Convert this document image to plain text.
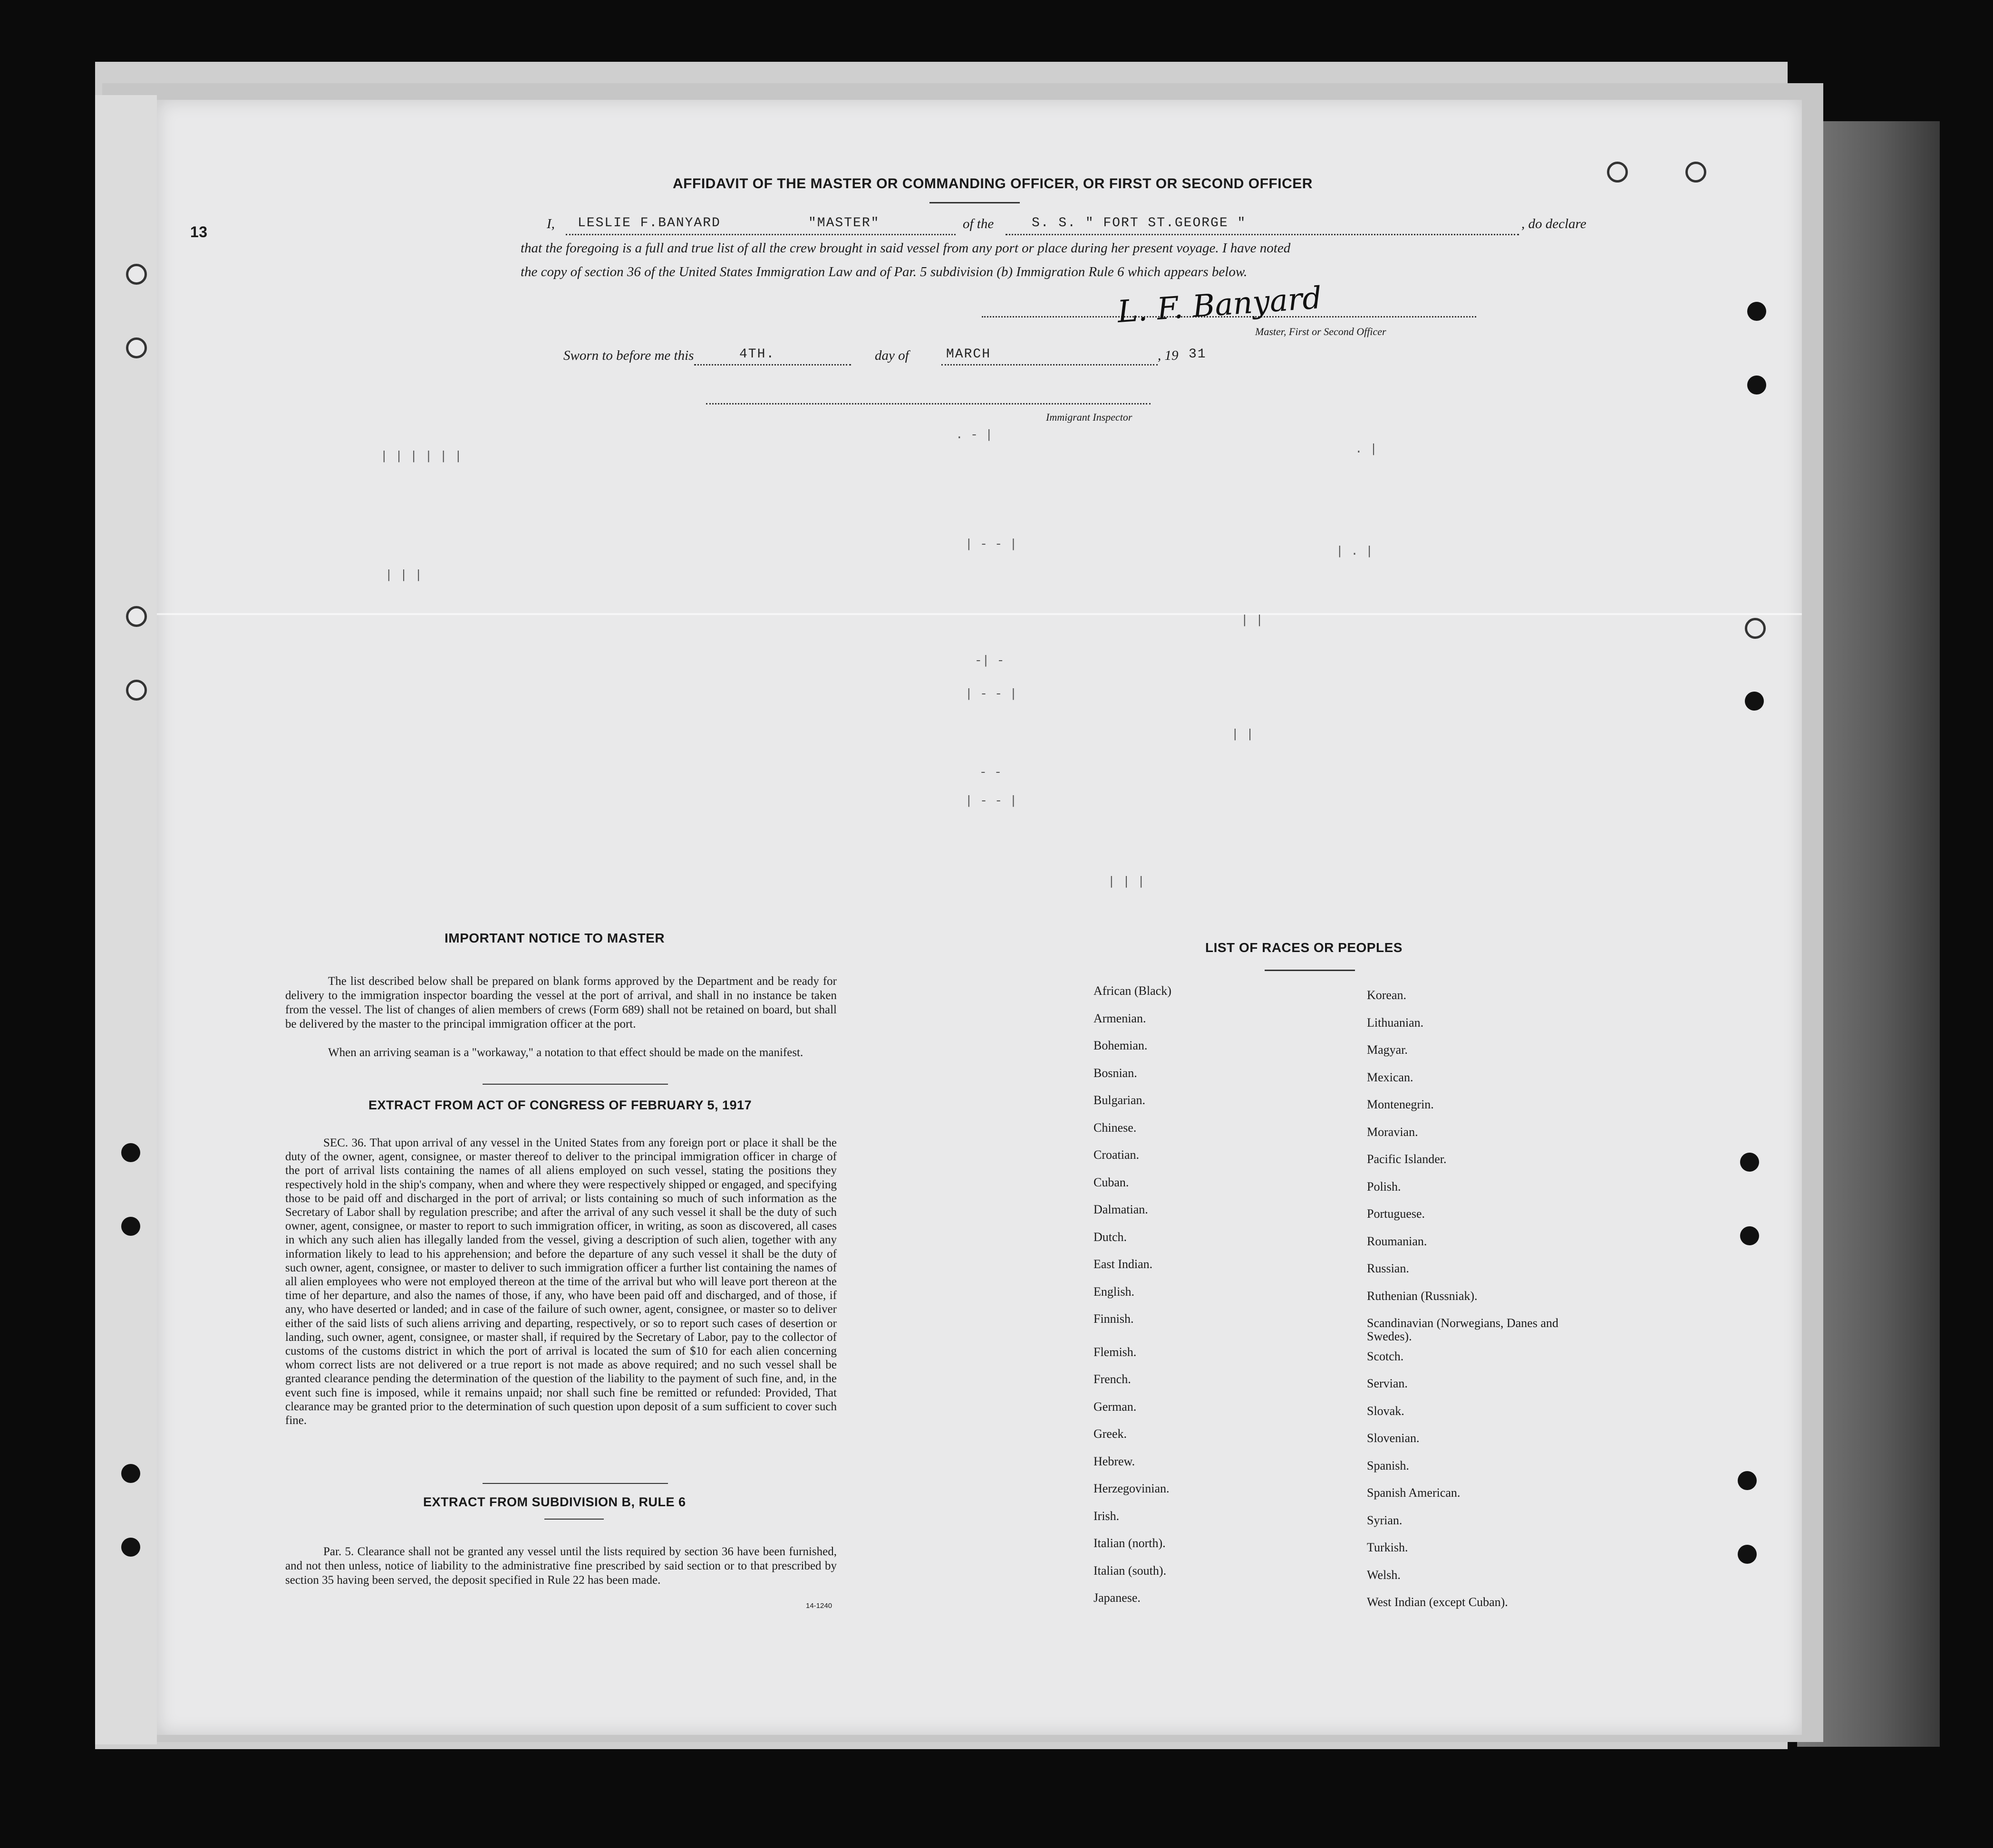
13
AFFIDAVIT OF THE MASTER OR COMMANDING OFFICER, OR FIRST OR SECOND OFFICER
I, LESLIE F.BANYARD	"MASTER"	of the	S. S. " FORT ST.GEORGE "	, do declare
that the foregoing is a full and true list of all the crew brought in said vessel from any port or place during her present voyage. I have noted
the copy of section 36 of the United States Immigration Law and of Par. 5 subdivision (b) Immigration Rule 6 which appears below.
L. F. Banyard
Master, First or Second Officer
Sworn to before me this	4TH.	day of	MARCH	, 19 31
Immigrant Inspector
| | | | | |
. - |
. |
| - - |	| . |
| | |
| |
-| -
| - - |
| |
- -
| - - |
| | |
IMPORTANT NOTICE TO MASTER
The list described below shall be prepared on blank forms approved by the Department and be ready for delivery to the immigration inspector boarding the vessel at the port of arrival, and shall in no instance be taken from the vessel. The list of changes of alien members of crews (Form 689) shall not be retained on board, but shall be delivered by the master to the principal immigration officer at the port.
When an arriving seaman is a "workaway," a notation to that effect should be made on the manifest.
EXTRACT FROM ACT OF CONGRESS OF FEBRUARY 5, 1917
SEC. 36. That upon arrival of any vessel in the United States from any foreign port or place it shall be the duty of the owner, agent, consignee, or master thereof to deliver to the principal immigration officer in charge of the port of arrival lists containing the names of all aliens employed on such vessel, stating the positions they respectively hold in the ship's company, when and where they were respectively shipped or engaged, and specifying those to be paid off and discharged in the port of arrival; or lists containing so much of such information as the Secretary of Labor shall by regulation prescribe; and after the arrival of any such vessel it shall be the duty of such owner, agent, consignee, or master to report to such immigration officer, in writing, as soon as discovered, all cases in which any such alien has illegally landed from the vessel, giving a description of such alien, together with any information likely to lead to his apprehension; and before the departure of any such vessel it shall be the duty of such owner, agent, consignee, or master to deliver to such immigration officer a further list containing the names of all alien employees who were not employed thereon at the time of the arrival but who will leave port thereon at the time of her departure, and also the names of those, if any, who have been paid off and discharged, and of those, if any, who have deserted or landed; and in case of the failure of such owner, agent, consignee, or master so to deliver either of the said lists of such aliens arriving and departing, respectively, or so to report such cases of desertion or landing, such owner, agent, consignee, or master shall, if required by the Secretary of Labor, pay to the collector of customs of the customs district in which the port of arrival is located the sum of $10 for each alien concerning whom correct lists are not delivered or a true report is not made as above required; and no such vessel shall be granted clearance pending the determination of the question of the liability to the payment of such fine, and, in the event such fine is imposed, while it remains unpaid; nor shall such fine be remitted or refunded: Provided, That clearance may be granted prior to the determination of such question upon deposit of a sum sufficient to cover such fine.
EXTRACT FROM SUBDIVISION B, RULE 6
Par. 5. Clearance shall not be granted any vessel until the lists required by section 36 have been furnished, and not then unless, notice of liability to the administrative fine prescribed by said section or to that prescribed by section 35 having been served, the deposit specified in Rule 22 has been made.
14-1240
LIST OF RACES OR PEOPLES
African (Black)
Armenian.
Bohemian.
Bosnian.
Bulgarian.
Chinese.
Croatian.
Cuban.
Dalmatian.
Dutch.
East Indian.
English.
Finnish.
Flemish.
French.
German.
Greek.
Hebrew.
Herzegovinian.
Irish.
Italian (north).
Italian (south).
Japanese.
Korean.
Lithuanian.
Magyar.
Mexican.
Montenegrin.
Moravian.
Pacific Islander.
Polish.
Portuguese.
Roumanian.
Russian.
Ruthenian (Russniak).
Scandinavian (Norwegians, Danes and Swedes).
Scotch.
Servian.
Slovak.
Slovenian.
Spanish.
Spanish American.
Syrian.
Turkish.
Welsh.
West Indian (except Cuban).
